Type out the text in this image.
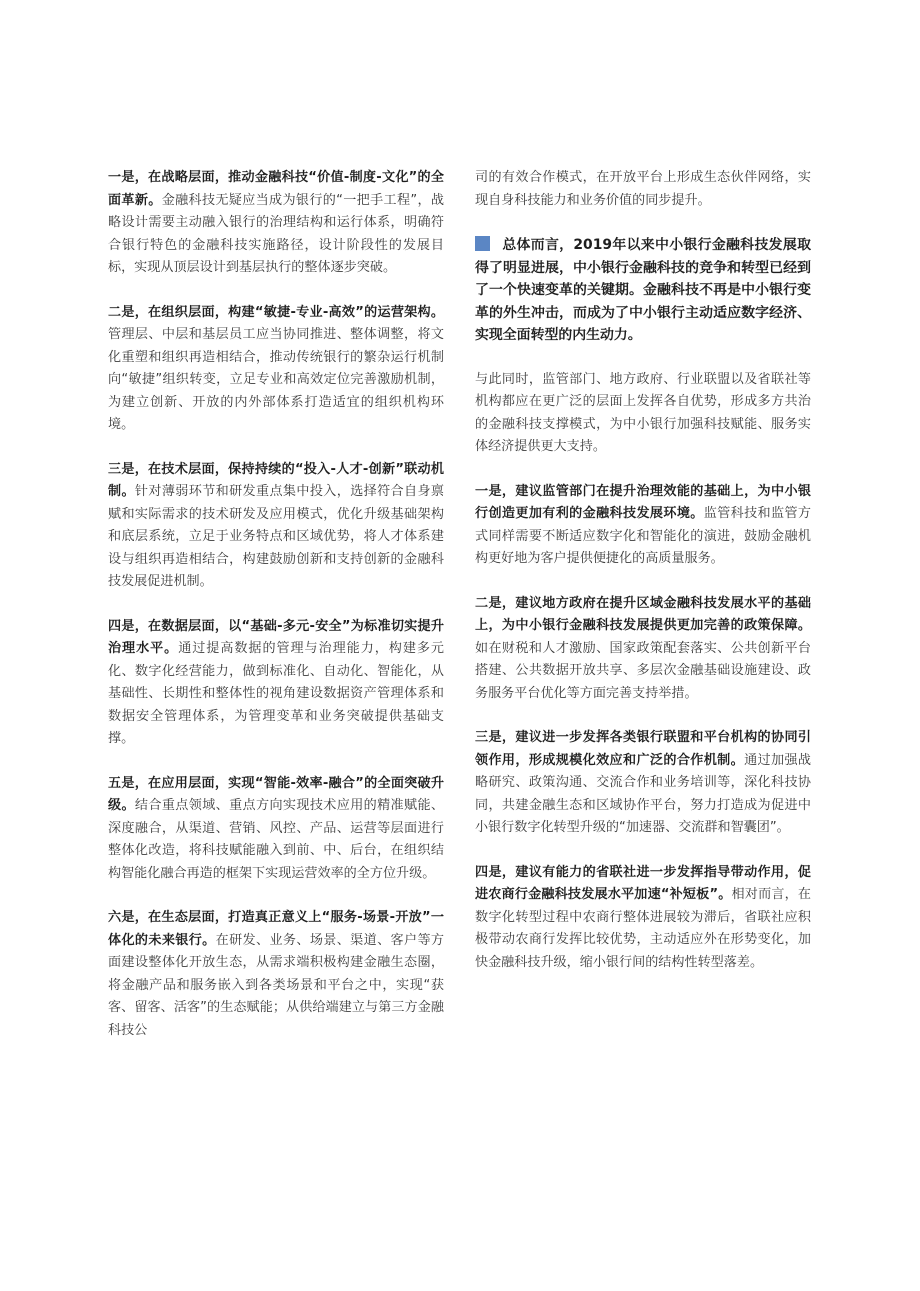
一是，在战略层面，推动金融科技“价值-制度-文化”的全面革新。金融科技无疑应当成为银行的“一把手工程”，战略设计需要主动融入银行的治理结构和运行体系，明确符合银行特色的金融科技实施路径，设计阶段性的发展目标，实现从顶层设计到基层执行的整体逐步突破。

二是，在组织层面，构建“敏捷-专业-高效”的运营架构。管理层、中层和基层员工应当协同推进、整体调整，将文化重塑和组织再造相结合，推动传统银行的繁杂运行机制向“敏捷”组织转变，立足专业和高效定位完善激励机制，为建立创新、开放的内外部体系打造适宜的组织机构环境。

三是，在技术层面，保持持续的“投入-人才-创新”联动机制。针对薄弱环节和研发重点集中投入，选择符合自身禀赋和实际需求的技术研发及应用模式，优化升级基础架构和底层系统，立足于业务特点和区域优势，将人才体系建设与组织再造相结合，构建鼓励创新和支持创新的金融科技发展促进机制。

四是，在数据层面，以“基础-多元-安全”为标准切实提升治理水平。通过提高数据的管理与治理能力，构建多元化、数字化经营能力，做到标准化、自动化、智能化，从基础性、长期性和整体性的视角建设数据资产管理体系和数据安全管理体系，为管理变革和业务突破提供基础支撑。

五是，在应用层面，实现“智能-效率-融合”的全面突破升级。结合重点领域、重点方向实现技术应用的精准赋能、深度融合，从渠道、营销、风控、产品、运营等层面进行整体化改造，将科技赋能融入到前、中、后台，在组织结构智能化融合再造的框架下实现运营效率的全方位升级。

六是，在生态层面，打造真正意义上“服务-场景-开放”一体化的未来银行。在研发、业务、场景、渠道、客户等方面建设整体化开放生态，从需求端积极构建金融生态圈，将金融产品和服务嵌入到各类场景和平台之中，实现“获客、留客、活客”的生态赋能；从供给端建立与第三方金融科技公

司的有效合作模式，在开放平台上形成生态伙伴网络，实现自身科技能力和业务价值的同步提升。

总体而言，2019年以来中小银行金融科技发展取得了明显进展，中小银行金融科技的竞争和转型已经到了一个快速变革的关键期。金融科技不再是中小银行变革的外生冲击，而成为了中小银行主动适应数字经济、实现全面转型的内生动力。

与此同时，监管部门、地方政府、行业联盟以及省联社等机构都应在更广泛的层面上发挥各自优势，形成多方共治的金融科技支撑模式，为中小银行加强科技赋能、服务实体经济提供更大支持。

一是，建议监管部门在提升治理效能的基础上，为中小银行创造更加有利的金融科技发展环境。监管科技和监管方式同样需要不断适应数字化和智能化的演进，鼓励金融机构更好地为客户提供便捷化的高质量服务。

二是，建议地方政府在提升区域金融科技发展水平的基础上，为中小银行金融科技发展提供更加完善的政策保障。如在财税和人才激励、国家政策配套落实、公共创新平台搭建、公共数据开放共享、多层次金融基础设施建设、政务服务平台优化等方面完善支持举措。

三是，建议进一步发挥各类银行联盟和平台机构的协同引领作用，形成规模化效应和广泛的合作机制。通过加强战略研究、政策沟通、交流合作和业务培训等，深化科技协同，共建金融生态和区域协作平台，努力打造成为促进中小银行数字化转型升级的“加速器、交流群和智囊团”。

四是，建议有能力的省联社进一步发挥指导带动作用，促进农商行金融科技发展水平加速“补短板”。相对而言，在数字化转型过程中农商行整体进展较为滞后，省联社应积极带动农商行发挥比较优势，主动适应外在形势变化，加快金融科技升级，缩小银行间的结构性转型落差。
